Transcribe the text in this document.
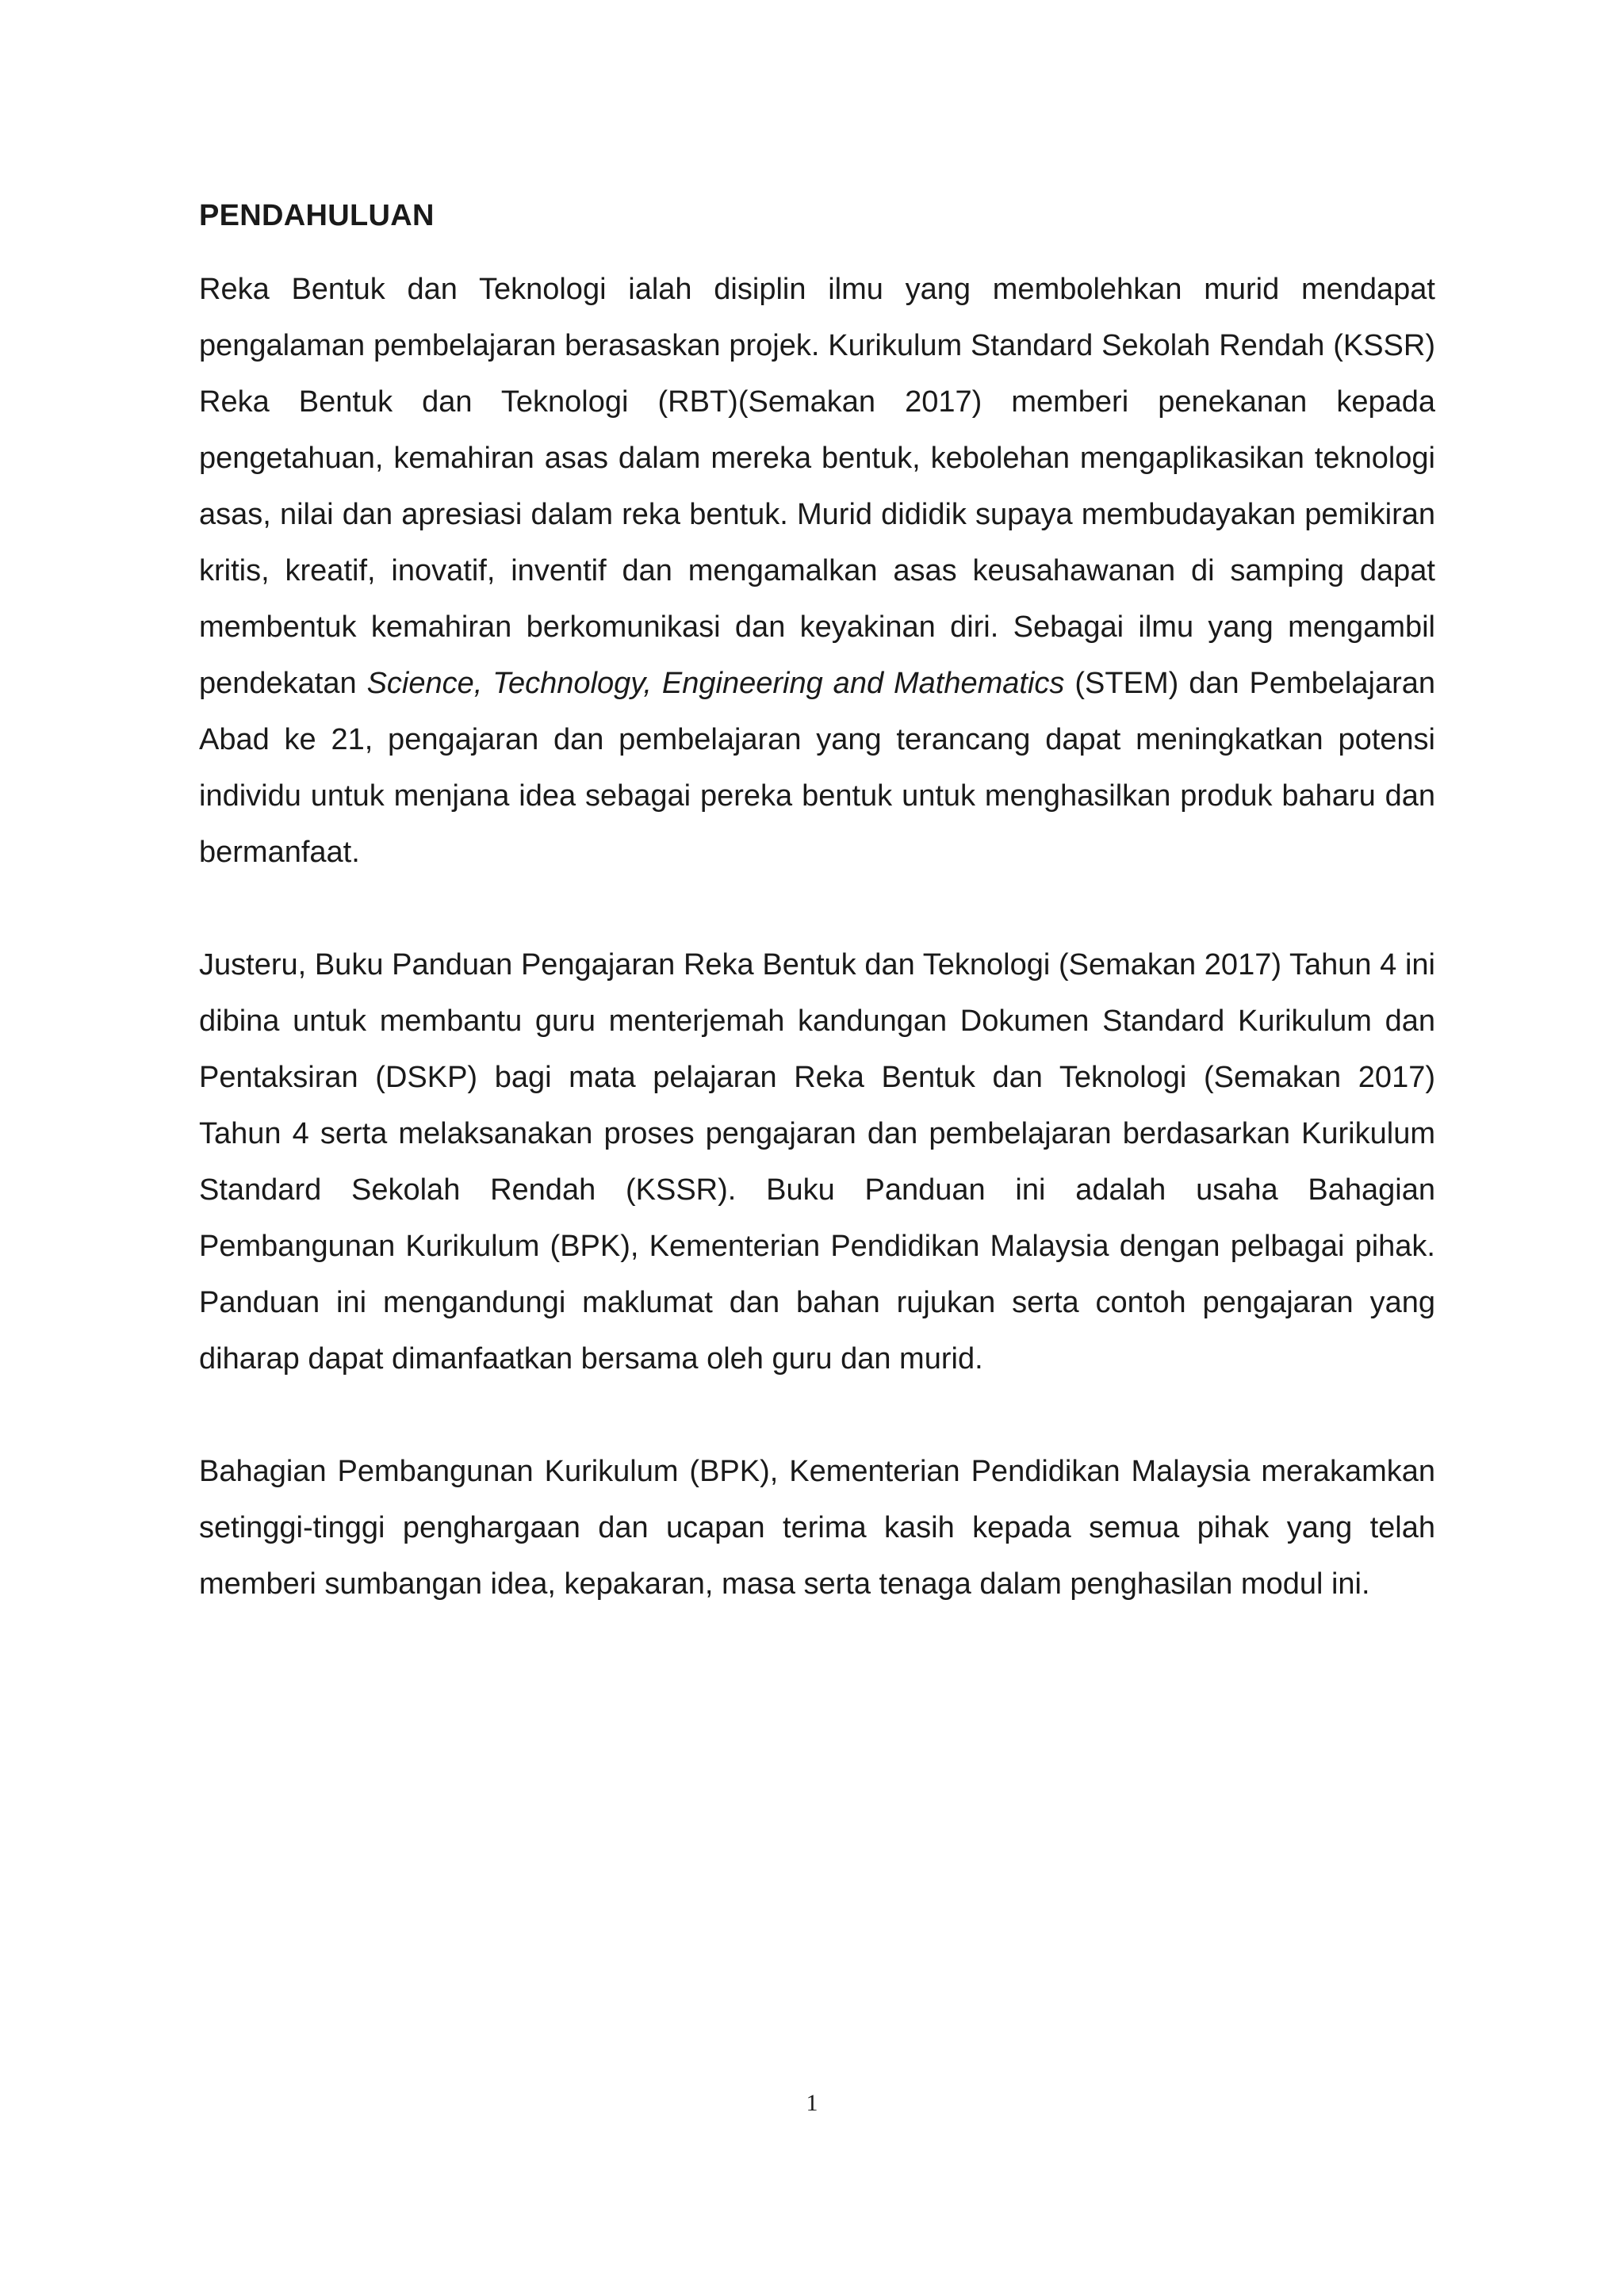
PENDAHULUAN

Reka Bentuk dan Teknologi ialah disiplin ilmu yang membolehkan murid mendapat pengalaman pembelajaran berasaskan projek. Kurikulum Standard Sekolah Rendah (KSSR) Reka Bentuk dan Teknologi (RBT)(Semakan 2017) memberi penekanan kepada pengetahuan, kemahiran asas dalam mereka bentuk, kebolehan mengaplikasikan teknologi asas, nilai dan apresiasi dalam reka bentuk. Murid dididik supaya membudayakan pemikiran kritis, kreatif, inovatif, inventif dan mengamalkan asas keusahawanan di samping dapat membentuk kemahiran berkomunikasi dan keyakinan diri. Sebagai ilmu yang mengambil pendekatan Science, Technology, Engineering and Mathematics (STEM) dan Pembelajaran Abad ke 21, pengajaran dan pembelajaran yang terancang dapat meningkatkan potensi individu untuk menjana idea sebagai pereka bentuk untuk menghasilkan produk baharu dan bermanfaat.

Justeru, Buku Panduan Pengajaran Reka Bentuk dan Teknologi (Semakan 2017) Tahun 4 ini dibina untuk membantu guru menterjemah kandungan Dokumen Standard Kurikulum dan Pentaksiran (DSKP) bagi mata pelajaran Reka Bentuk dan Teknologi (Semakan 2017) Tahun 4 serta melaksanakan proses pengajaran dan pembelajaran berdasarkan Kurikulum Standard Sekolah Rendah (KSSR). Buku Panduan ini adalah usaha Bahagian Pembangunan Kurikulum (BPK), Kementerian Pendidikan Malaysia dengan pelbagai pihak. Panduan ini mengandungi maklumat dan bahan rujukan serta contoh pengajaran yang diharap dapat dimanfaatkan bersama oleh guru dan murid.

Bahagian Pembangunan Kurikulum (BPK), Kementerian Pendidikan Malaysia merakamkan setinggi-tinggi penghargaan dan ucapan terima kasih kepada semua pihak yang telah memberi sumbangan idea, kepakaran, masa serta tenaga dalam penghasilan modul ini.

1
